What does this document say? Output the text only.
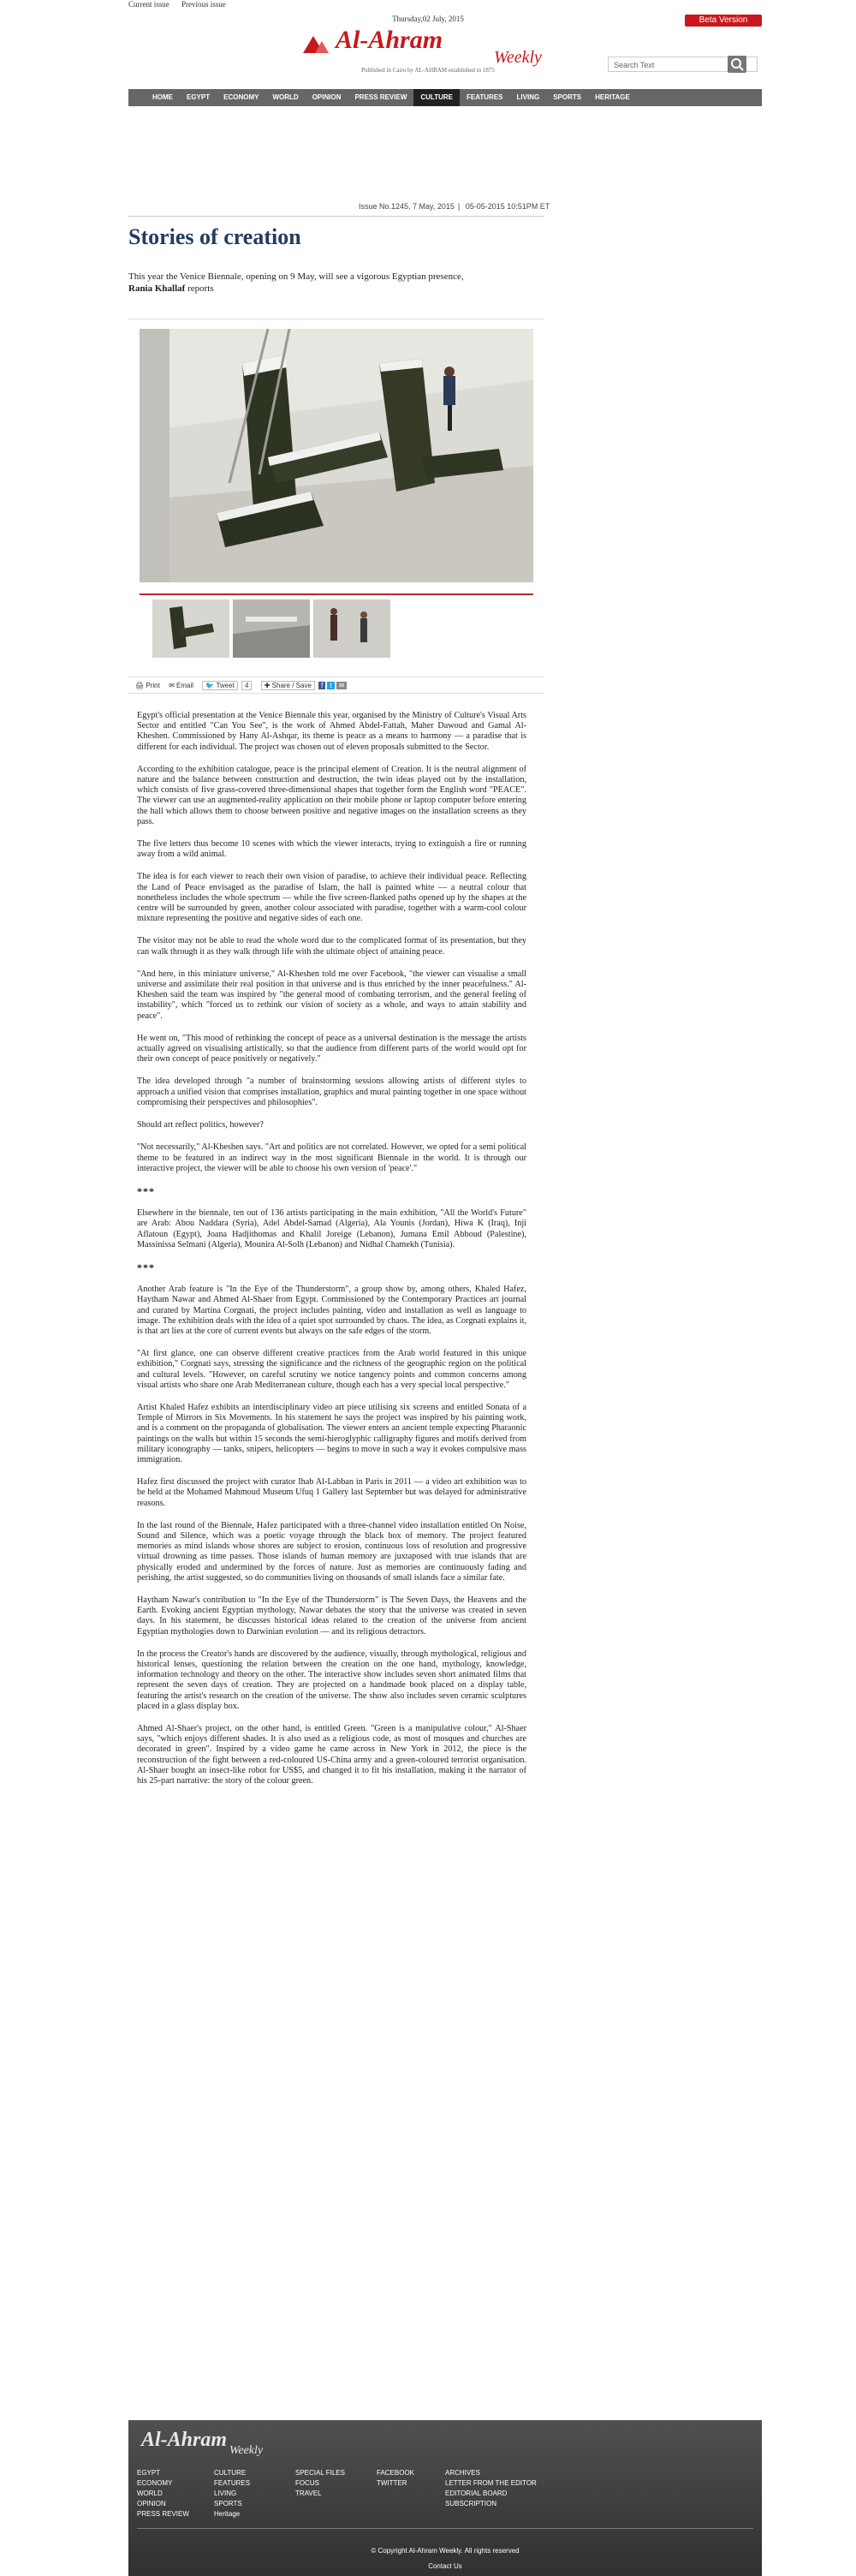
Current issue Previous issue
Thursday,02 July, 2015	Beta Version
Al-Ahram
Weekly
Published in Cairo by AL-AHRAM established in 1875
Search Text
HOME	EGYPT	ECONOMY	WORLD	OPINION	PRESS REVIEW	CULTURE	FEATURES	LIVING	SPORTS	HERITAGE
Issue No.1245, 7 May, 2015 | 05-05-2015 10:51PM ET
Stories of creation
This year the Venice Biennale, opening on 9 May, will see a vigorous Egyptian presence,
Rania Khallaf reports
🖨 Print ✉ Email 🐦 Tweet 4 ✚ Share / Save f t ✉

Egypt's official presentation at the Venice Biennale this year, organised by the Ministry of Culture's Visual Arts Sector and entitled "Can You See", is the work of Ahmed Abdel-Fattah, Maher Dawoud and Gamal Al-Kheshen. Commissioned by Hany Al-Ashqar, its theme is peace as a means to harmony — a paradise that is different for each individual. The project was chosen out of eleven proposals submitted to the Sector.

According to the exhibition catalogue, peace is the principal element of Creation. It is the neutral alignment of nature and the balance between construction and destruction, the twin ideas played out by the installation, which consists of five grass-covered three-dimensional shapes that together form the English word "PEACE". The viewer can use an augmented-reality application on their mobile phone or laptop computer before entering the hall which allows them to choose between positive and negative images on the installation screens as they pass.

The five letters thus become 10 scenes with which the viewer interacts, trying to extinguish a fire or running away from a wild animal.

The idea is for each viewer to reach their own vision of paradise, to achieve their individual peace. Reflecting the Land of Peace envisaged as the paradise of Islam, the hall is painted white — a neutral colour that nonetheless includes the whole spectrum — while the five screen-flanked paths opened up by the shapes at the centre will be surrounded by green, another colour associated with paradise, together with a warm-cool colour mixture representing the positive and negative sides of each one.

The visitor may not be able to read the whole word due to the complicated format of its presentation, but they can walk through it as they walk through life with the ultimate object of attaining peace.

"And here, in this miniature universe," Al-Kheshen told me over Facebook, "the viewer can visualise a small universe and assimilate their real position in that universe and is thus enriched by the inner peacefulness." Al-Kheshen said the team was inspired by "the general mood of combating terrorism, and the general feeling of instability", which "forced us to rethink our vision of society as a whole, and ways to attain stability and peace".

He went on, "This mood of rethinking the concept of peace as a universal destination is the message the artists actually agreed on visualising artistically, so that the audience from different parts of the world would opt for their own concept of peace positively or negatively."

The idea developed through "a number of brainstorming sessions allowing artists of different styles to approach a unified vision that comprises installation, graphics and mural painting together in one space without compromising their perspectives and philosophies".

Should art reflect politics, however?

"Not necessarily," Al-Kheshen says. "Art and politics are not correlated. However, we opted for a semi political theme to be featured in an indirect way in the most significant Biennale in the world. It is through our interactive project, the viewer will be able to choose his own version of 'peace'."

***

Elsewhere in the biennale, ten out of 136 artists participating in the main exhibition, "All the World's Future" are Arab: Abou Naddara (Syria), Adel Abdel-Samad (Algeria), Ala Younis (Jordan), Hiwa K (Iraq), Inji Aflatoun (Egypt), Joana Hadjithomas and Khalil Joreige (Lebanon), Jumana Emil Abboud (Palestine), Massinissa Selmani (Algeria), Mounira Al-Solh (Lebanon) and Nidhal Chamekh (Tunisia).

***

Another Arab feature is "In the Eye of the Thunderstorm", a group show by, among others, Khaled Hafez, Haytham Nawar and Ahmed Al-Shaer from Egypt. Commissioned by the Contemporary Practices art journal and curated by Martina Corgnati, the project includes painting, video and installation as well as language to image. The exhibition deals with the idea of a quiet spot surrounded by chaos. The idea, as Corgnati explains it, is that art lies at the core of current events but always on the safe edges of the storm.

"At first glance, one can observe different creative practices from the Arab world featured in this unique exhibition," Corgnati says, stressing the significance and the richness of the geographic region on the political and cultural levels. "However, on careful scrutiny we notice tangency points and common concerns among visual artists who share one Arab Mediterranean culture, though each has a very special local perspective."

Artist Khaled Hafez exhibits an interdisciplinary video art piece utilising six screens and entitled Sonata of a Temple of Mirrors in Six Movements. In his statement he says the project was inspired by his painting work, and is a comment on the propaganda of globalisation. The viewer enters an ancient temple expecting Pharaonic paintings on the walls but within 15 seconds the semi-hieroglyphic calligraphy figures and motifs derived from military iconography — tanks, snipers, helicopters — begins to move in such a way it evokes compulsive mass immigration.

Hafez first discussed the project with curator Ihab Al-Labban in Paris in 2011 — a video art exhibition was to be held at the Mohamed Mahmoud Museum Ufuq 1 Gallery last September but was delayed for administrative reasons.

In the last round of the Biennale, Hafez participated with a three-channel video installation entitled On Noise, Sound and Silence, which was a poetic voyage through the black box of memory. The project featured memories as mind islands whose shores are subject to erosion, continuous loss of resolution and progressive virtual drowning as time passes. Those islands of human memory are juxtaposed with true islands that are physically eroded and undermined by the forces of nature. Just as memories are continuously fading and perishing, the artist suggested, so do communities living on thousands of small islands face a similar fate.

Haytham Nawar's contribution to "In the Eye of the Thunderstorm" is The Seven Days, the Heavens and the Earth. Evoking ancient Egyptian mythology, Nawar debates the story that the universe was created in seven days. In his statement, he discusses historical ideas related to the creation of the universe from ancient Egyptian mythologies down to Darwinian evolution — and its religious detractors.

In the process the Creator's hands are discovered by the audience, visually, through mythological, religious and historical lenses, questioning the relation between the creation on the one hand, mythology, knowledge, information technology and theory on the other. The interactive show includes seven short animated films that represent the seven days of creation. They are projected on a handmade book placed on a display table, featuring the artist's research on the creation of the universe. The show also includes seven ceramic sculptures placed in a glass display box.

Ahmed Al-Shaer's project, on the other hand, is entitled Green. "Green is a manipulative colour," Al-Shaer says, "which enjoys different shades. It is also used as a religious code, as most of mosques and churches are decorated in green". Inspired by a video game he came across in New York in 2012, the piece is the reconstruction of the fight between a red-coloured US-China army and a green-coloured terrorist organisation. Al-Shaer bought an insect-like robot for US$5, and changed it to fit his installation, making it the narrator of his 25-part narrative: the story of the colour green.

Al-Ahram Weekly
EGYPT
ECONOMY
WORLD
OPINION
PRESS REVIEW
CULTURE
FEATURES
LIVING
SPORTS
Heritage
SPECIAL FILES
FOCUS
TRAVEL
FACEBOOK
TWITTER
ARCHIVES
LETTER FROM THE EDITOR
EDITORIAL BOARD
SUBSCRIPTION
© Copyright Al-Ahram Weekly. All rights reserved
Contact Us
